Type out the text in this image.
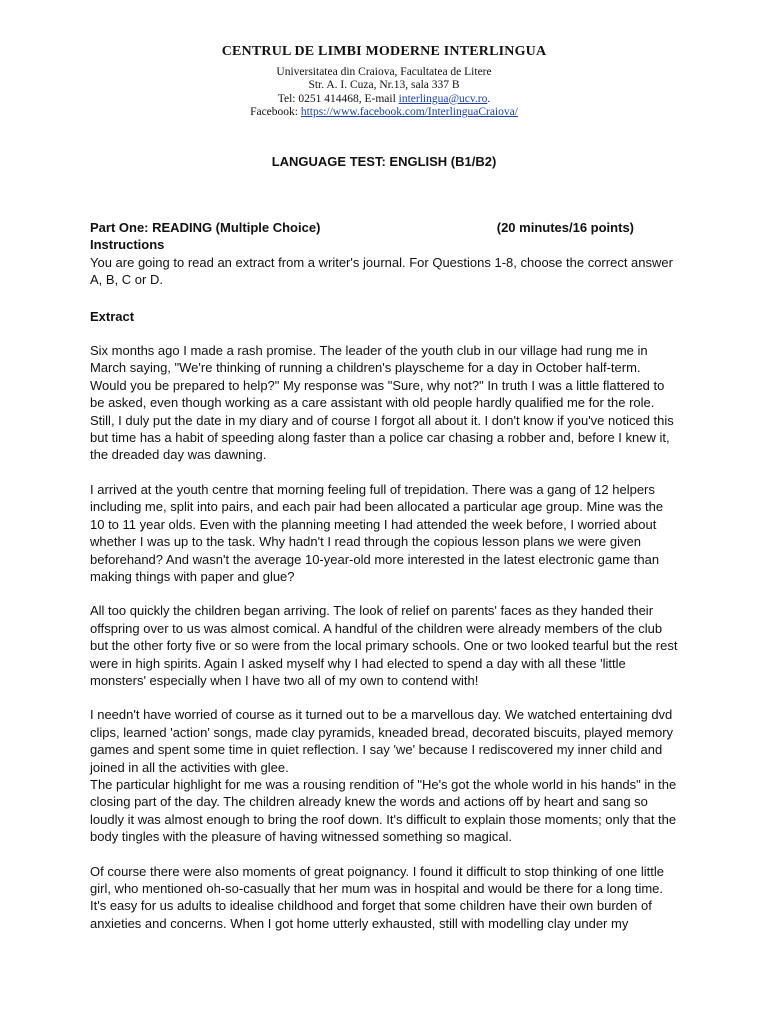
CENTRUL DE LIMBI MODERNE INTERLINGUA
Universitatea din Craiova, Facultatea de Litere
Str. A. I. Cuza, Nr.13, sala 337 B
Tel: 0251 414468, E-mail interlingua@ucv.ro.
Facebook: https://www.facebook.com/InterlinguaCraiova/
LANGUAGE TEST: ENGLISH (B1/B2)
Part One: READING (Multiple Choice)	(20 minutes/16 points)
Instructions

You are going to read an extract from a writer's journal. For Questions 1-8, choose the correct answer A, B, C or D.

Extract

Six months ago I made a rash promise. The leader of the youth club in our village had rung me in March saying, "We're thinking of running a children's playscheme for a day in October half-term. Would you be prepared to help?" My response was "Sure, why not?" In truth I was a little flattered to be asked, even though working as a care assistant with old people hardly qualified me for the role. Still, I duly put the date in my diary and of course I forgot all about it. I don't know if you've noticed this but time has a habit of speeding along faster than a police car chasing a robber and, before I knew it, the dreaded day was dawning.

I arrived at the youth centre that morning feeling full of trepidation. There was a gang of 12 helpers including me, split into pairs, and each pair had been allocated a particular age group. Mine was the 10 to 11 year olds. Even with the planning meeting I had attended the week before, I worried about whether I was up to the task. Why hadn't I read through the copious lesson plans we were given beforehand? And wasn't the average 10-year-old more interested in the latest electronic game than making things with paper and glue?

All too quickly the children began arriving. The look of relief on parents' faces as they handed their offspring over to us was almost comical. A handful of the children were already members of the club but the other forty five or so were from the local primary schools. One or two looked tearful but the rest were in high spirits. Again I asked myself why I had elected to spend a day with all these 'little monsters' especially when I have two all of my own to contend with!

I needn't have worried of course as it turned out to be a marvellous day. We watched entertaining dvd clips, learned 'action' songs, made clay pyramids, kneaded bread, decorated biscuits, played memory games and spent some time in quiet reflection. I say 'we' because I rediscovered my inner child and joined in all the activities with glee.

The particular highlight for me was a rousing rendition of "He's got the whole world in his hands" in the closing part of the day. The children already knew the words and actions off by heart and sang so loudly it was almost enough to bring the roof down. It's difficult to explain those moments; only that the body tingles with the pleasure of having witnessed something so magical.

Of course there were also moments of great poignancy. I found it difficult to stop thinking of one little girl, who mentioned oh-so-casually that her mum was in hospital and would be there for a long time. It's easy for us adults to idealise childhood and forget that some children have their own burden of anxieties and concerns. When I got home utterly exhausted, still with modelling clay under my
